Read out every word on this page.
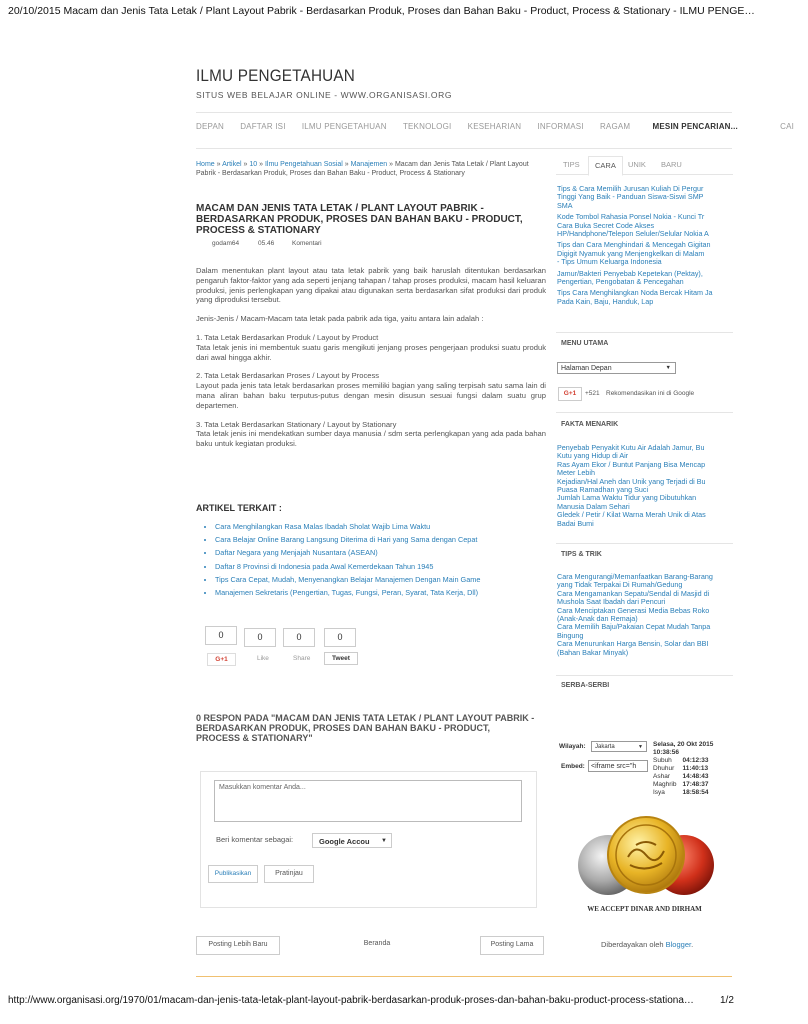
20/10/2015 Macam dan Jenis Tata Letak / Plant Layout Pabrik - Berdasarkan Produk, Proses dan Bahan Baku - Product, Process & Stationary - ILMU PENGE…
http://www.organisasi.org/1970/01/macam-dan-jenis-tata-letak-plant-layout-pabrik-berdasarkan-produk-proses-dan-bahan-baku-product-process-stationa…	1/2
ILMU PENGETAHUAN
SITUS WEB BELAJAR ONLINE - WWW.ORGANISASI.ORG
DEPAN DAFTAR ISI ILMU PENGETAHUAN TEKNOLOGI KESEHARIAN INFORMASI RAGAM	MESIN PENCARIAN...	CAI
Home » Artikel » 10 » Ilmu Pengetahuan Sosial » Manajemen » Macam dan Jenis Tata Letak / Plant Layout Pabrik - Berdasarkan Produk, Proses dan Bahan Baku - Product, Process & Stationary
MACAM DAN JENIS TATA LETAK / PLANT LAYOUT PABRIK - BERDASARKAN PRODUK, PROSES DAN BAHAN BAKU - PRODUCT, PROCESS & STATIONARY
godam64	05.46	Komentari

Dalam menentukan plant layout atau tata letak pabrik yang baik haruslah ditentukan berdasarkan pengaruh faktor-faktor yang ada seperti jenjang tahapan / tahap proses produksi, macam hasil keluaran produksi, jenis perlengkapan yang dipakai atau digunakan serta berdasarkan sifat produksi dari produk yang diproduksi tersebut.

Jenis-Jenis / Macam-Macam tata letak pada pabrik ada tiga, yaitu antara lain adalah :

1. Tata Letak Berdasarkan Produk / Layout by Product
Tata letak jenis ini membentuk suatu garis mengikuti jenjang proses pengerjaan produksi suatu produk dari awal hingga akhir.

2. Tata Letak Berdasarkan Proses / Layout by Process
Layout pada jenis tata letak berdasarkan proses memiliki bagian yang saling terpisah satu sama lain di mana aliran bahan baku terputus-putus dengan mesin disusun sesuai fungsi dalam suatu grup departemen.

3. Tata Letak Berdasarkan Stationary / Layout by Stationary
Tata letak jenis ini mendekatkan sumber daya manusia / sdm serta perlengkapan yang ada pada bahan baku untuk kegiatan produksi.

ARTIKEL TERKAIT :
• Cara Menghilangkan Rasa Malas Ibadah Sholat Wajib Lima Waktu
• Cara Belajar Online Barang Langsung Diterima di Hari yang Sama dengan Cepat
• Daftar Negara yang Menjajah Nusantara (ASEAN)
• Daftar 8 Provinsi di Indonesia pada Awal Kemerdekaan Tahun 1945
• Tips Cara Cepat, Mudah, Menyenangkan Belajar Manajemen Dengan Main Game
• Manajemen Sekretaris (Pengertian, Tugas, Fungsi, Peran, Syarat, Tata Kerja, Dll)
0
G+1
0
Like
0
Share
0
Tweet
0 RESPON PADA "MACAM DAN JENIS TATA LETAK / PLANT LAYOUT PABRIK - BERDASARKAN PRODUK, PROSES DAN BAHAN BAKU - PRODUCT, PROCESS & STATIONARY"
Masukkan komentar Anda...
Beri komentar sebagai:	Google Accou ▼
Publikasikan	Pratinjau
Posting Lebih Baru	Beranda	Posting Lama
TIPS	CARA	UNIK BARU
Tips & Cara Memilih Jurusan Kuliah Di Pergur
Tinggi Yang Baik - Panduan Siswa-Siswi SMP
SMA
Kode Tombol Rahasia Ponsel Nokia - Kunci Tr
Cara Buka Secret Code Akses
HP/Handphone/Telepon Seluler/Selular Nokia A
Tips dan Cara Menghindari & Mencegah Gigitan
Digigit Nyamuk yang Menjengkelkan di Malam
- Tips Umum Keluarga Indonesia
Jamur/Bakteri Penyebab Kepetekan (Pektay),
Pengertian, Pengobatan & Pencegahan
Tips Cara Menghilangkan Noda Bercak Hitam Ja
Pada Kain, Baju, Handuk, Lap
MENU UTAMA
Halaman Depan	▼
G+1	+521 Rekomendasikan ini di Google
FAKTA MENARIK
Penyebab Penyakit Kutu Air Adalah Jamur, Bu
Kutu yang Hidup di Air
Ras Ayam Ekor / Buntut Panjang Bisa Mencap
Meter Lebih
Kejadian/Hal Aneh dan Unik yang Terjadi di Bu
Puasa Ramadhan yang Suci
Jumlah Lama Waktu Tidur yang Dibutuhkan
Manusia Dalam Sehari
Gledek / Petir / Kilat Warna Merah Unik di Atas
Badai Bumi
TIPS & TRIK
Cara Mengurangi/Memanfaatkan Barang-Barang
yang Tidak Terpakai Di Rumah/Gedung
Cara Mengamankan Sepatu/Sendal di Masjid di
Mushola Saat Ibadah dari Pencuri
Cara Menciptakan Generasi Media Bebas Roko
(Anak-Anak dan Remaja)
Cara Memilih Baju/Pakaian Cepat Mudah Tanpa
Bingung
Cara Menurunkan Harga Bensin, Solar dan BBI
(Bahan Bakar Minyak)
SERBA-SERBI
Wilayah:	Jakarta	▼
Embed: <iframe src="h
Selasa, 20 Okt 2015
10:38:56
Subuh	04:12:33
Dhuhur	11:40:13
Ashar	14:48:43
Maghrib	17:48:37
Isya	18:58:54
WE ACCEPT DINAR AND DIRHAM
Diberdayakan oleh Blogger.
